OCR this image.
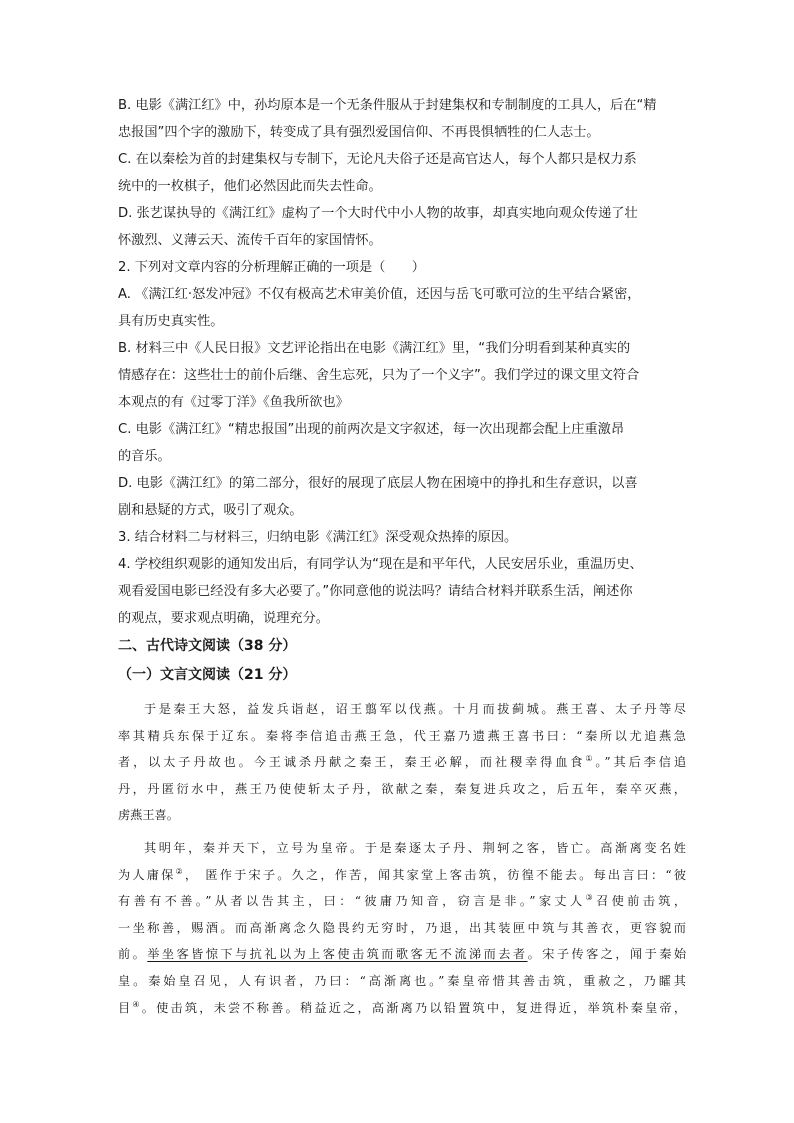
B. 电影《满江红》中，孙均原本是一个无条件服从于封建集权和专制制度的工具人，后在“精
忠报国”四个字的激励下，转变成了具有强烈爱国信仰、不再畏惧牺牲的仁人志士。
C. 在以秦桧为首的封建集权与专制下，无论凡夫俗子还是高官达人，每个人都只是权力系
统中的一枚棋子，他们必然因此而失去性命。
D. 张艺谋执导的《满江红》虚构了一个大时代中小人物的故事，却真实地向观众传递了壮
怀激烈、义薄云天、流传千百年的家国情怀。
2. 下列对文章内容的分析理解正确的一项是（　　）
A. 《满江红·怒发冲冠》不仅有极高艺术审美价值，还因与岳飞可歌可泣的生平结合紧密，
具有历史真实性。
B. 材料三中《人民日报》文艺评论指出在电影《满江红》里，“我们分明看到某种真实的
情感存在：这些壮士的前仆后继、舍生忘死，只为了一个义字”。我们学过的课文里文符合
本观点的有《过零丁洋》《鱼我所欲也》
C. 电影《满江红》“精忠报国”出现的前两次是文字叙述，每一次出现都会配上庄重激昂
的音乐。
D. 电影《满江红》的第二部分，很好的展现了底层人物在困境中的挣扎和生存意识，以喜
剧和悬疑的方式，吸引了观众。
3. 结合材料二与材料三，归纳电影《满江红》深受观众热捧的原因。
4. 学校组织观影的通知发出后，有同学认为“现在是和平年代，人民安居乐业，重温历史、
观看爱国电影已经没有多大必要了。”你同意他的说法吗？请结合材料并联系生活，阐述你
的观点，要求观点明确，说理充分。
二、古代诗文阅读（38 分）
（一）文言文阅读（21 分）
于是秦王大怒，益发兵诣赵，诏王翦军以伐燕。十月而拔蓟城。燕王喜、太子丹等尽
率其精兵东保于辽东。秦将李信追击燕王急，代王嘉乃遗燕王喜书曰：“秦所以尤追燕急
者，以太子丹故也。今王诚杀丹献之秦王，秦王必解，而社稷幸得血食①。”其后李信追
丹，丹匿衍水中，燕王乃使使斩太子丹，欲献之秦，秦复进兵攻之，后五年，秦卒灭燕，
虏燕王喜。
其明年，秦并天下，立号为皇帝。于是秦逐太子丹、荆轲之客，皆亡。高渐离变名姓
为人庸保②， 匿作于宋子。久之，作苦，闻其家堂上客击筑，彷徨不能去。每出言曰：“彼
有善有不善。”从者以告其主，曰：“彼庸乃知音，窃言是非。”家丈人③召使前击筑，
一坐称善，赐酒。而高渐离念久隐畏约无穷时，乃退，出其装匣中筑与其善衣，更容貌而
前。举坐客皆惊下与抗礼以为上客使击筑而歌客无不流涕而去者。宋子传客之，闻于秦始
皇。秦始皇召见，人有识者，乃曰：“高渐离也。”秦皇帝惜其善击筑，重赦之，乃矐其
目④。使击筑，未尝不称善。稍益近之，高渐离乃以铅置筑中，复进得近，举筑朴秦皇帝，
